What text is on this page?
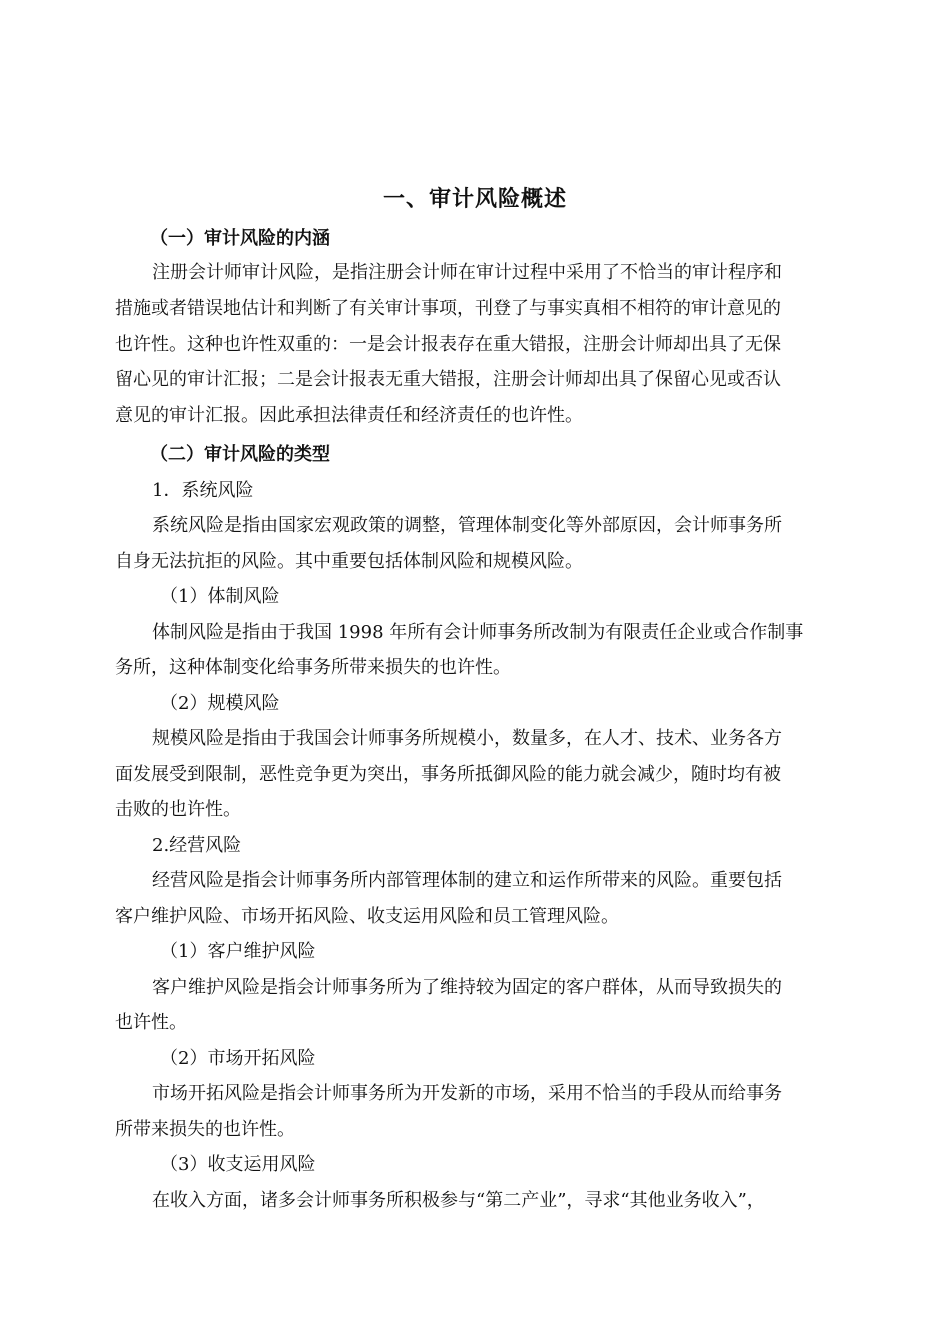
一、审计风险概述
（一）审计风险的内涵
注册会计师审计风险，是指注册会计师在审计过程中采用了不恰当的审计程序和
措施或者错误地估计和判断了有关审计事项，刊登了与事实真相不相符的审计意见的
也许性。这种也许性双重的：一是会计报表存在重大错报，注册会计师却出具了无保
留心见的审计汇报；二是会计报表无重大错报，注册会计师却出具了保留心见或否认
意见的审计汇报。因此承担法律责任和经济责任的也许性。
（二）审计风险的类型
1．系统风险
系统风险是指由国家宏观政策的调整，管理体制变化等外部原因，会计师事务所
自身无法抗拒的风险。其中重要包括体制风险和规模风险。
（1）体制风险
体制风险是指由于我国 1998 年所有会计师事务所改制为有限责任企业或合作制事
务所，这种体制变化给事务所带来损失的也许性。
（2）规模风险
规模风险是指由于我国会计师事务所规模小，数量多，在人才、技术、业务各方
面发展受到限制，恶性竞争更为突出，事务所抵御风险的能力就会减少，随时均有被
击败的也许性。
2.经营风险
经营风险是指会计师事务所内部管理体制的建立和运作所带来的风险。重要包括
客户维护风险、市场开拓风险、收支运用风险和员工管理风险。
（1）客户维护风险
客户维护风险是指会计师事务所为了维持较为固定的客户群体，从而导致损失的
也许性。
（2）市场开拓风险
市场开拓风险是指会计师事务所为开发新的市场，采用不恰当的手段从而给事务
所带来损失的也许性。
（3）收支运用风险
在收入方面，诸多会计师事务所积极参与“第二产业”，寻求“其他业务收入”，
